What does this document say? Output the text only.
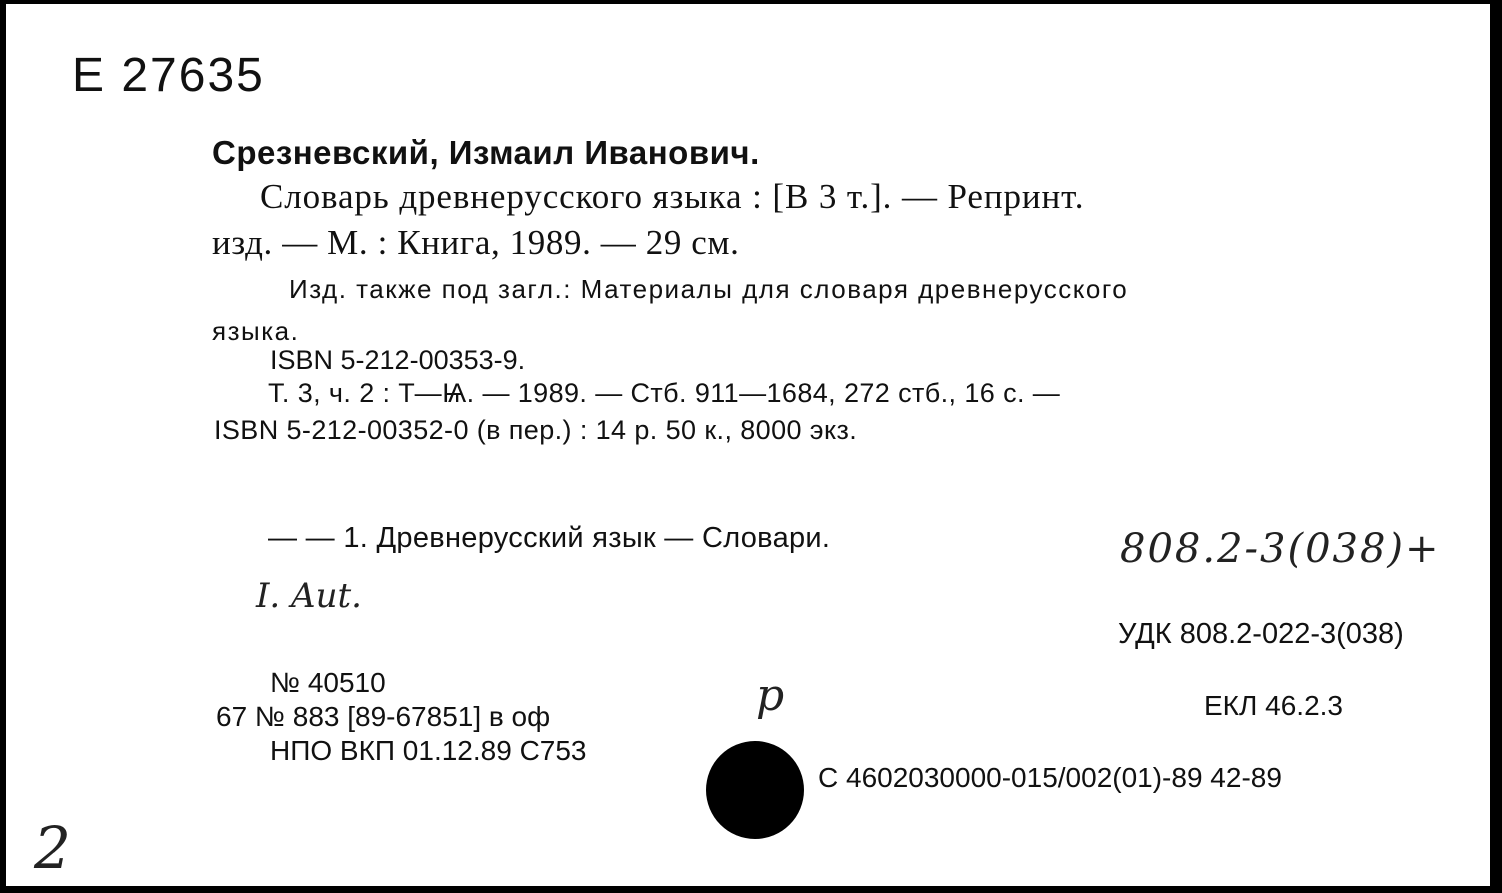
Е 27635
Срезневский, Измаил Иванович.
Словарь древнерусского языка : [В 3 т.]. — Репринт.
изд. — М. : Книга, 1989. — 29 см.
Изд. также под загл.: Материалы для словаря древнерусского
языка.
ISBN 5-212-00353-9.
Т. 3, ч. 2 : Т—Ѩ. — 1989. — Стб. 911—1684, 272 стб., 16 с. —
ISBN 5-212-00352-0 (в пер.) : 14 р. 50 к., 8000 экз.
— — 1. Древнерусский язык — Словари.
I. Aut.
808.2-3(038)+
УДК 808.2-022-3(038)
№ 40510
67 № 883 [89-67851] в оф
НПО ВКП 01.12.89 С753
р	ЕКЛ 46.2.3
С 4602030000-015/002(01)-89 42-89
2
